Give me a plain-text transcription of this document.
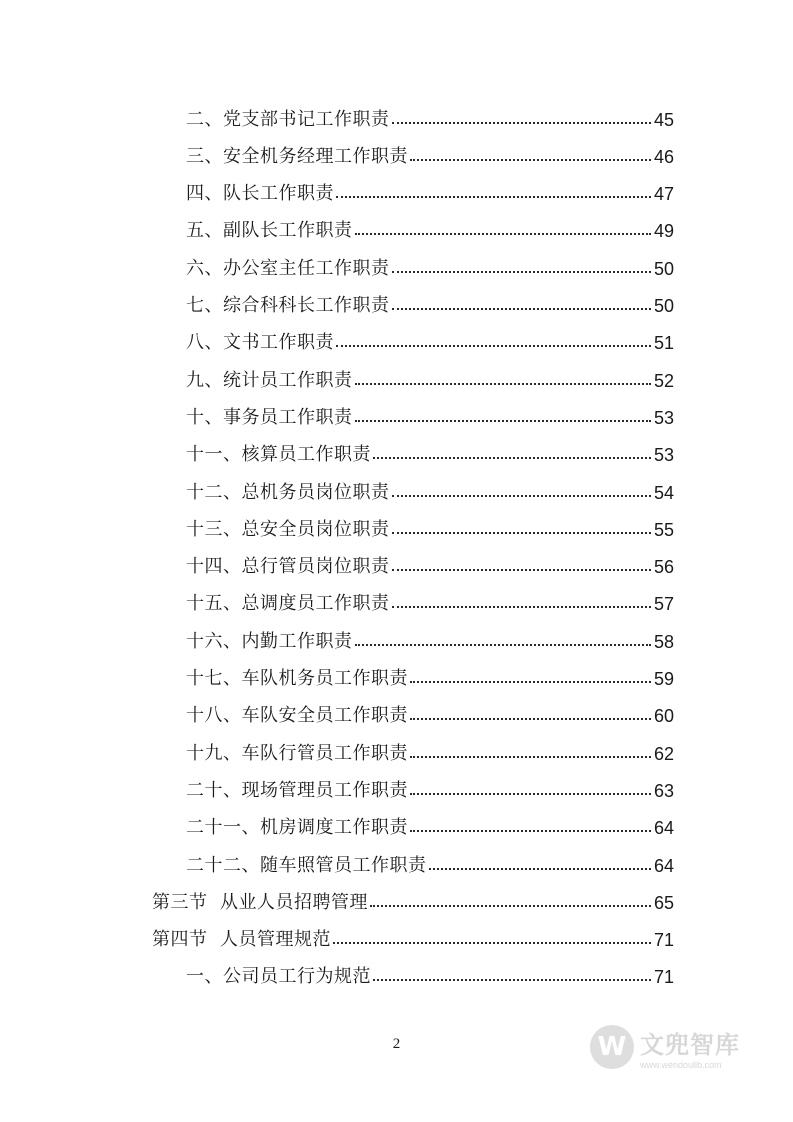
二、党支部书记工作职责	45
三、安全机务经理工作职责	46
四、队长工作职责	47
五、副队长工作职责	49
六、办公室主任工作职责	50
七、综合科科长工作职责	50
八、文书工作职责	51
九、统计员工作职责	52
十、事务员工作职责	53
十一、核算员工作职责	53
十二、总机务员岗位职责	54
十三、总安全员岗位职责	55
十四、总行管员岗位职责	56
十五、总调度员工作职责	57
十六、内勤工作职责	58
十七、车队机务员工作职责	59
十八、车队安全员工作职责	60
十九、车队行管员工作职责	62
二十、现场管理员工作职责	63
二十一、机房调度工作职责	64
二十二、随车照管员工作职责	64
第三节  从业人员招聘管理	65
第四节  人员管理规范	71
一、公司员工行为规范	71
2	W 文兜智库
www.wendoulib.com
